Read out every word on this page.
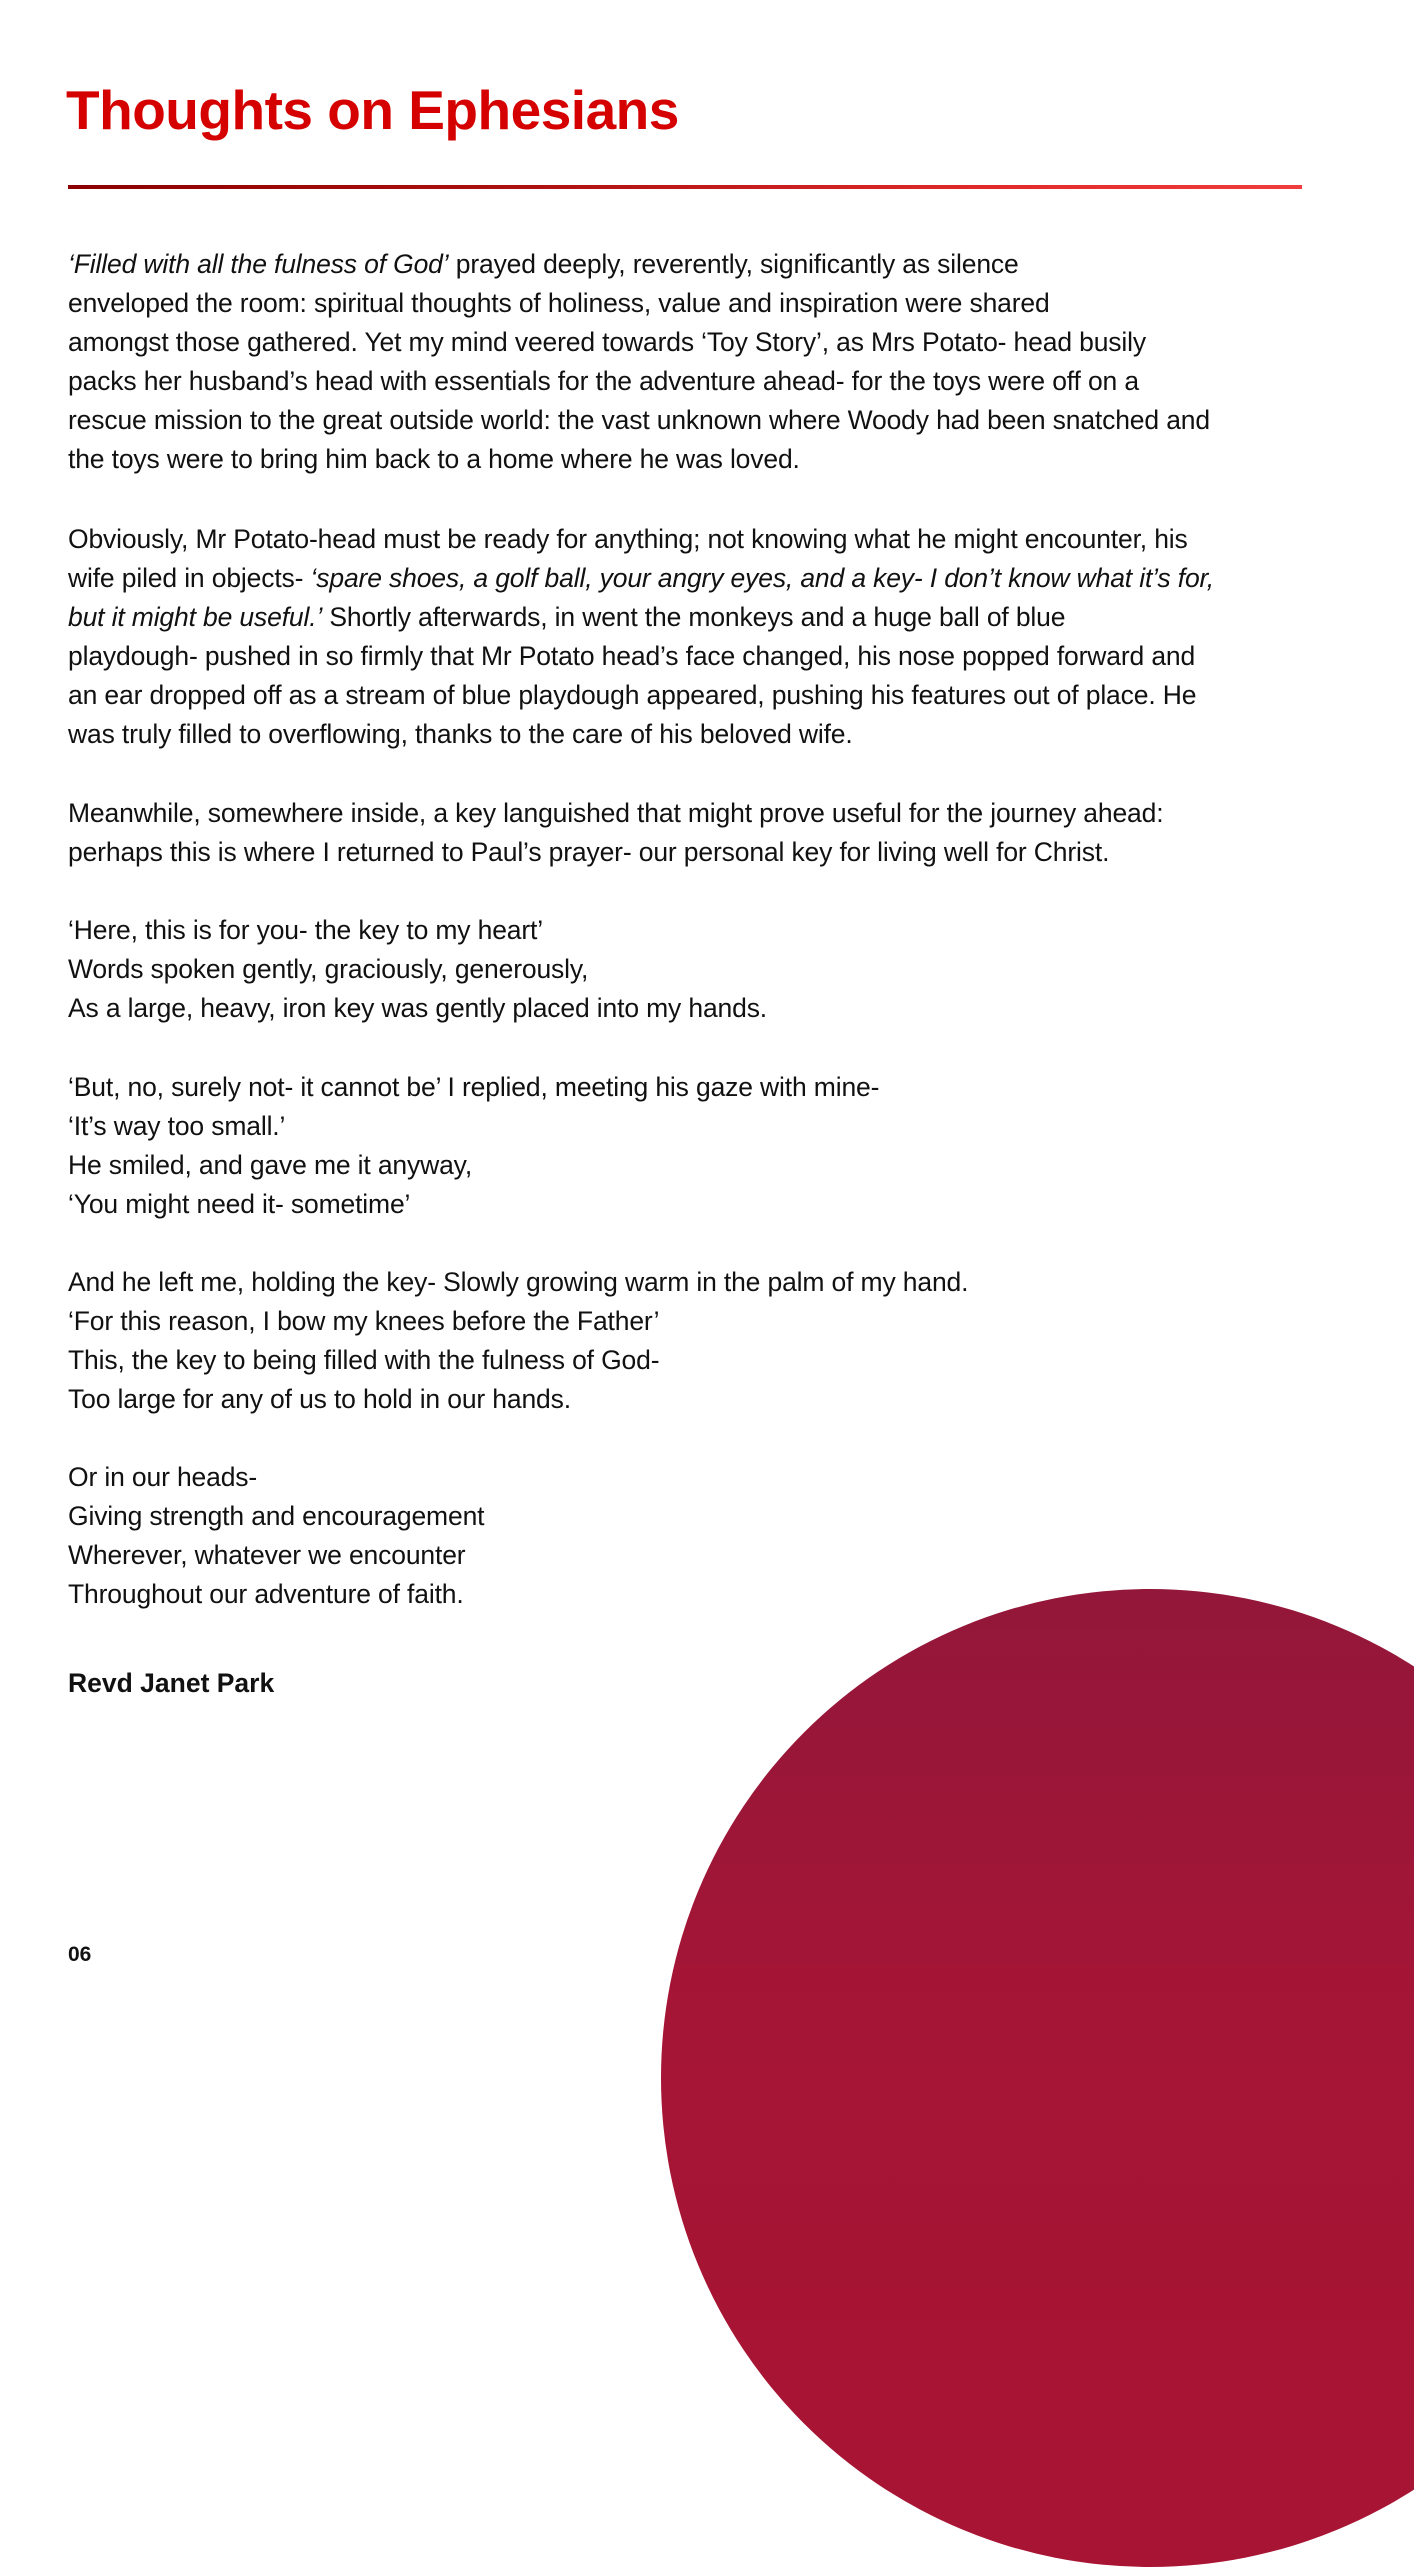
Thoughts on Ephesians
‘Filled with all the fulness of God’ prayed deeply, reverently, significantly as silence
enveloped the room: spiritual thoughts of holiness, value and inspiration were shared
amongst those gathered. Yet my mind veered towards ‘Toy Story’, as Mrs Potato- head busily
packs her husband’s head with essentials for the adventure ahead- for the toys were off on a
rescue mission to the great outside world: the vast unknown where Woody had been snatched and
the toys were to bring him back to a home where he was loved.
Obviously, Mr Potato-head must be ready for anything; not knowing what he might encounter, his
wife piled in objects- ‘spare shoes, a golf ball, your angry eyes, and a key- I don’t know what it’s for,
but it might be useful.’ Shortly afterwards, in went the monkeys and a huge ball of blue
playdough- pushed in so firmly that Mr Potato head’s face changed, his nose popped forward and
an ear dropped off as a stream of blue playdough appeared, pushing his features out of place. He
was truly filled to overflowing, thanks to the care of his beloved wife.
Meanwhile, somewhere inside, a key languished that might prove useful for the journey ahead:
perhaps this is where I returned to Paul’s prayer- our personal key for living well for Christ.
‘Here, this is for you- the key to my heart’
Words spoken gently, graciously, generously,
As a large, heavy, iron key was gently placed into my hands.
‘But, no, surely not- it cannot be’ I replied, meeting his gaze with mine-
‘It’s way too small.’
He smiled, and gave me it anyway,
‘You might need it- sometime’
And he left me, holding the key- Slowly growing warm in the palm of my hand.
‘For this reason, I bow my knees before the Father’
This, the key to being filled with the fulness of God-
Too large for any of us to hold in our hands.
Or in our heads-
Giving strength and encouragement
Wherever, whatever we encounter
Throughout our adventure of faith.
Revd Janet Park
06
